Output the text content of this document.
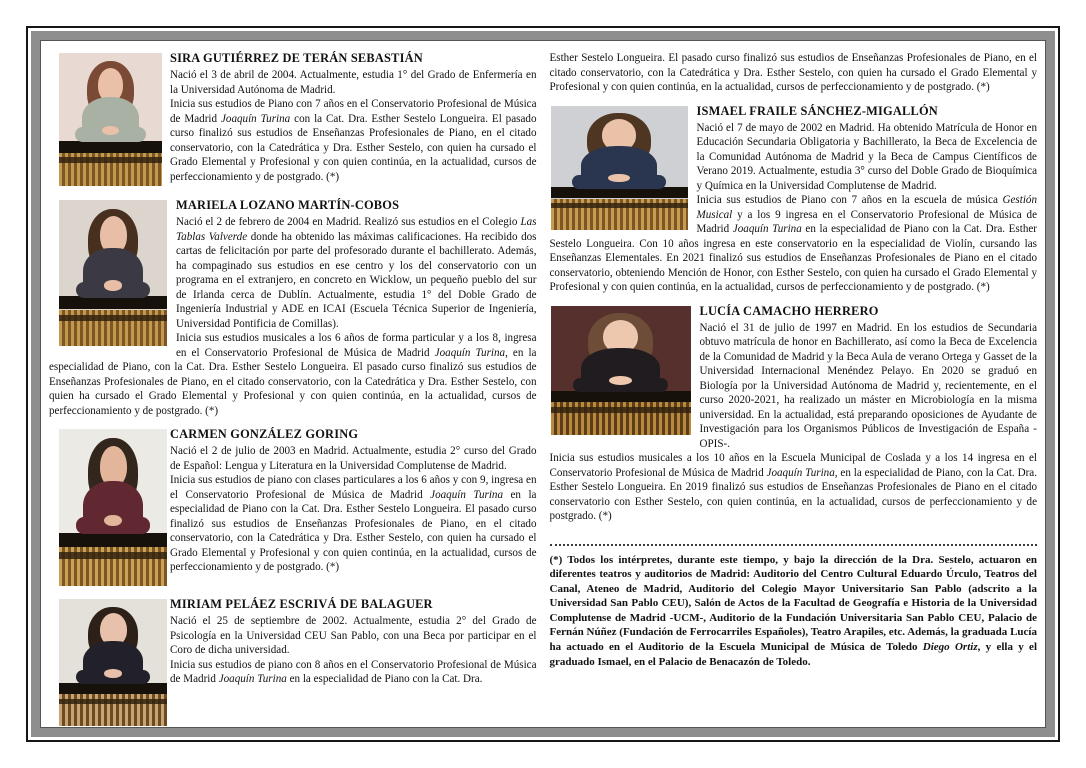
SIRA GUTIÉRREZ DE TERÁN SEBASTIÁN

Nació el 3 de abril de 2004. Actualmente, estudia 1° del Grado de Enfermería en la Universidad Autónoma de Madrid.

Inicia sus estudios de Piano con 7 años en el Conservatorio Profesional de Música de Madrid Joaquín Turina con la Cat. Dra. Esther Sestelo Longueira. El pasado curso finalizó sus estudios de Enseñanzas Profesionales de Piano, en el citado conservatorio, con la Catedrática y Dra. Esther Sestelo, con quien ha cursado el Grado Elemental y Profesional y con quien continúa, en la actualidad, cursos de perfeccionamiento y de postgrado. (*)

MARIELA LOZANO MARTÍN-COBOS

Nació el 2 de febrero de 2004 en Madrid. Realizó sus estudios en el Colegio Las Tablas Valverde donde ha obtenido las máximas calificaciones. Ha recibido dos cartas de felicitación por parte del profesorado durante el bachillerato. Además, ha compaginado sus estudios en ese centro y los del conservatorio con un programa en el extranjero, en concreto en Wicklow, un pequeño pueblo del sur de Irlanda cerca de Dublín. Actualmente, estudia 1° del Doble Grado de Ingeniería Industrial y ADE en ICAI (Escuela Técnica Superior de Ingeniería, Universidad Pontificia de Comillas).

Inicia sus estudios musicales a los 6 años de forma particular y a los 8, ingresa en el Conservatorio Profesional de Música de Madrid Joaquín Turina, en la especialidad de Piano, con la Cat. Dra. Esther Sestelo Longueira. El pasado curso finalizó sus estudios de Enseñanzas Profesionales de Piano, en el citado conservatorio, con la Catedrática y Dra. Esther Sestelo, con quien ha cursado el Grado Elemental y Profesional y con quien continúa, en la actualidad, cursos de perfeccionamiento y de postgrado. (*)

CARMEN GONZÁLEZ GORING

Nació el 2 de julio de 2003 en Madrid. Actualmente, estudia 2° curso del Grado de Español: Lengua y Literatura en la Universidad Complutense de Madrid.

Inicia sus estudios de piano con clases particulares a los 6 años y con 9, ingresa en el Conservatorio Profesional de Música de Madrid Joaquín Turina en la especialidad de Piano con la Cat. Dra. Esther Sestelo Longueira. El pasado curso finalizó sus estudios de Enseñanzas Profesionales de Piano, en el citado conservatorio, con la Catedrática y Dra. Esther Sestelo, con quien ha cursado el Grado Elemental y Profesional y con quien continúa, en la actualidad, cursos de perfeccionamiento y de postgrado. (*)

MIRIAM PELÁEZ ESCRIVÁ DE BALAGUER

Nació el 25 de septiembre de 2002. Actualmente, estudia 2° del Grado de Psicología en la Universidad CEU San Pablo, con una Beca por participar en el Coro de dicha universidad.

Inicia sus estudios de piano con 8 años en el Conservatorio Profesional de Música de Madrid Joaquín Turina en la especialidad de Piano con la Cat. Dra.

Esther Sestelo Longueira. El pasado curso finalizó sus estudios de Enseñanzas Profesionales de Piano, en el citado conservatorio, con la Catedrática y Dra. Esther Sestelo, con quien ha cursado el Grado Elemental y Profesional y con quien continúa, en la actualidad, cursos de perfeccionamiento y de postgrado. (*)

ISMAEL FRAILE SÁNCHEZ-MIGALLÓN

Nació el 7 de mayo de 2002 en Madrid. Ha obtenido Matrícula de Honor en Educación Secundaria Obligatoria y Bachillerato, la Beca de Excelencia de la Comunidad Autónoma de Madrid y la Beca de Campus Científicos de Verano 2019. Actualmente, estudia 3° curso del Doble Grado de Bioquímica y Química en la Universidad Complutense de Madrid.

Inicia sus estudios de Piano con 7 años en la escuela de música Gestión Musical y a los 9 ingresa en el Conservatorio Profesional de Música de Madrid Joaquín Turina en la especialidad de Piano con la Cat. Dra. Esther Sestelo Longueira. Con 10 años ingresa en este conservatorio en la especialidad de Violín, cursando las Enseñanzas Elementales. En 2021 finalizó sus estudios de Enseñanzas Profesionales de Piano en el citado conservatorio, obteniendo Mención de Honor, con Esther Sestelo, con quien ha cursado el Grado Elemental y Profesional y con quien continúa, en la actualidad, cursos de perfeccionamiento y de postgrado. (*)

LUCÍA CAMACHO HERRERO

Nació el 31 de julio de 1997 en Madrid. En los estudios de Secundaria obtuvo matrícula de honor en Bachillerato, así como la Beca de Excelencia de la Comunidad de Madrid y la Beca Aula de verano Ortega y Gasset de la Universidad Internacional Menéndez Pelayo. En 2020 se graduó en Biología por la Universidad Autónoma de Madrid y, recientemente, en el curso 2020-2021, ha realizado un máster en Microbiología en la misma universidad. En la actualidad, está preparando oposiciones de Ayudante de Investigación para los Organismos Públicos de Investigación de España -OPIS-.

Inicia sus estudios musicales a los 10 años en la Escuela Municipal de Coslada y a los 14 ingresa en el Conservatorio Profesional de Música de Madrid Joaquín Turina, en la especialidad de Piano, con la Cat. Dra. Esther Sestelo Longueira. En 2019 finalizó sus estudios de Enseñanzas Profesionales de Piano en el citado conservatorio con Esther Sestelo, con quien continúa, en la actualidad, cursos de perfeccionamiento y de postgrado. (*)

(*) Todos los intérpretes, durante este tiempo, y bajo la dirección de la Dra. Sestelo, actuaron en diferentes teatros y auditorios de Madrid: Auditorio del Centro Cultural Eduardo Úrculo, Teatros del Canal, Ateneo de Madrid, Auditorio del Colegio Mayor Universitario San Pablo (adscrito a la Universidad San Pablo CEU), Salón de Actos de la Facultad de Geografía e Historia de la Universidad Complutense de Madrid -UCM-, Auditorio de la Fundación Universitaria San Pablo CEU, Palacio de Fernán Núñez (Fundación de Ferrocarriles Españoles), Teatro Arapiles, etc. Además, la graduada Lucía ha actuado en el Auditorio de la Escuela Municipal de Música de Toledo Diego Ortiz, y ella y el graduado Ismael, en el Palacio de Benacazón de Toledo.
